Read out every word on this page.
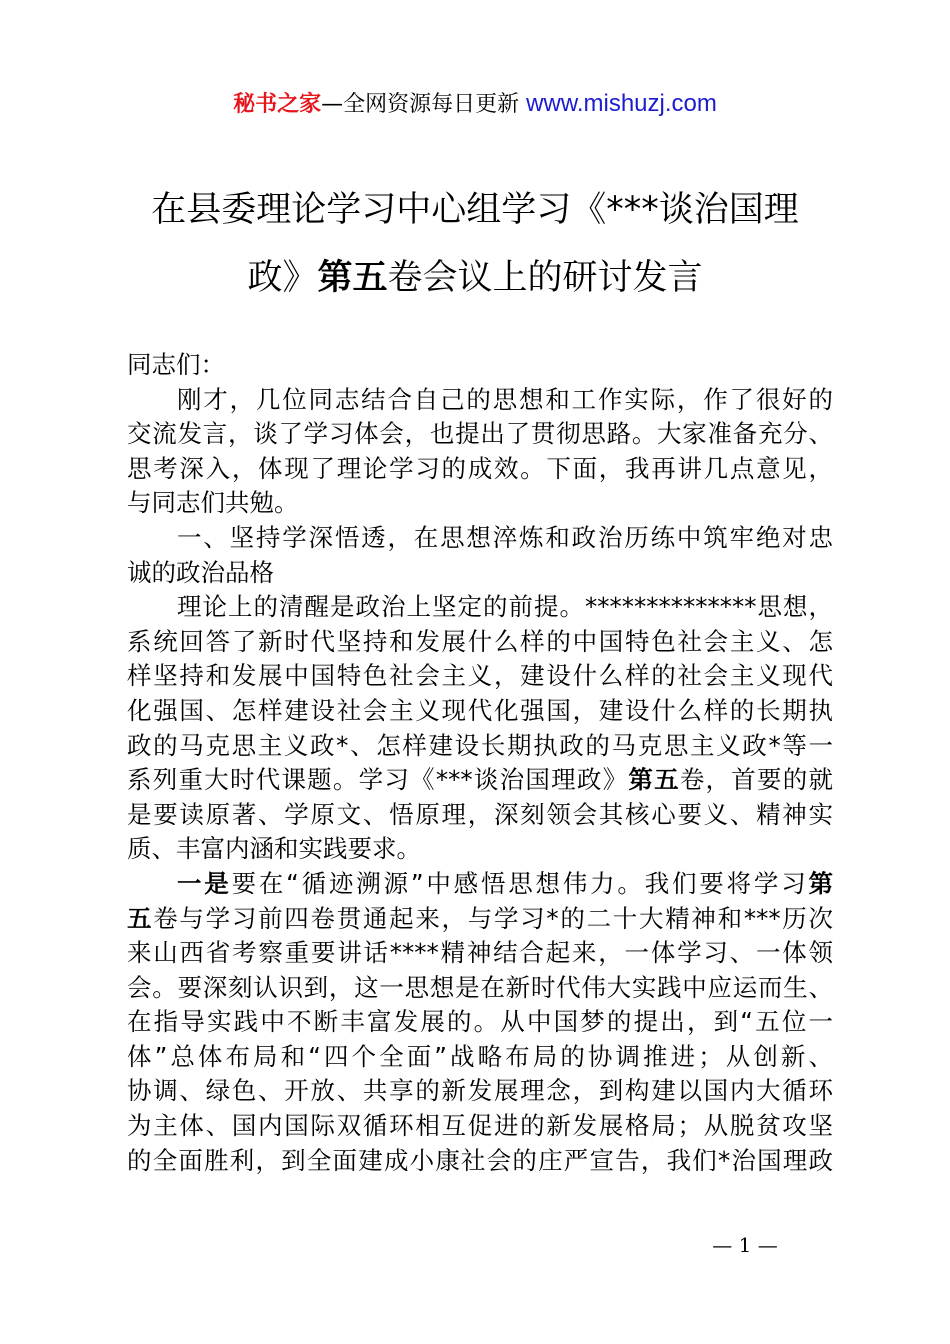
秘书之家—全网资源每日更新 www.mishuzj.com
在县委理论学习中心组学习《***谈治国理
政》第五卷会议上的研讨发言
同志们：
刚才，几位同志结合自己的思想和工作实际，作了很好的
交流发言，谈了学习体会，也提出了贯彻思路。大家准备充分、
思考深入，体现了理论学习的成效。下面，我再讲几点意见，
与同志们共勉。
一、坚持学深悟透，在思想淬炼和政治历练中筑牢绝对忠
诚的政治品格
理论上的清醒是政治上坚定的前提。**************思想，
系统回答了新时代坚持和发展什么样的中国特色社会主义、怎
样坚持和发展中国特色社会主义，建设什么样的社会主义现代
化强国、怎样建设社会主义现代化强国，建设什么样的长期执
政的马克思主义政*、怎样建设长期执政的马克思主义政*等一
系列重大时代课题。学习《***谈治国理政》第五卷，首要的就
是要读原著、学原文、悟原理，深刻领会其核心要义、精神实
质、丰富内涵和实践要求。
一是要在“循迹溯源”中感悟思想伟力。我们要将学习第
五卷与学习前四卷贯通起来，与学习*的二十大精神和***历次
来山西省考察重要讲话****精神结合起来，一体学习、一体领
会。要深刻认识到，这一思想是在新时代伟大实践中应运而生、
在指导实践中不断丰富发展的。从中国梦的提出，到“五位一
体”总体布局和“四个全面”战略布局的协调推进；从创新、
协调、绿色、开放、共享的新发展理念，到构建以国内大循环
为主体、国内国际双循环相互促进的新发展格局；从脱贫攻坚
的全面胜利，到全面建成小康社会的庄严宣告，我们*治国理政
— 1 —
